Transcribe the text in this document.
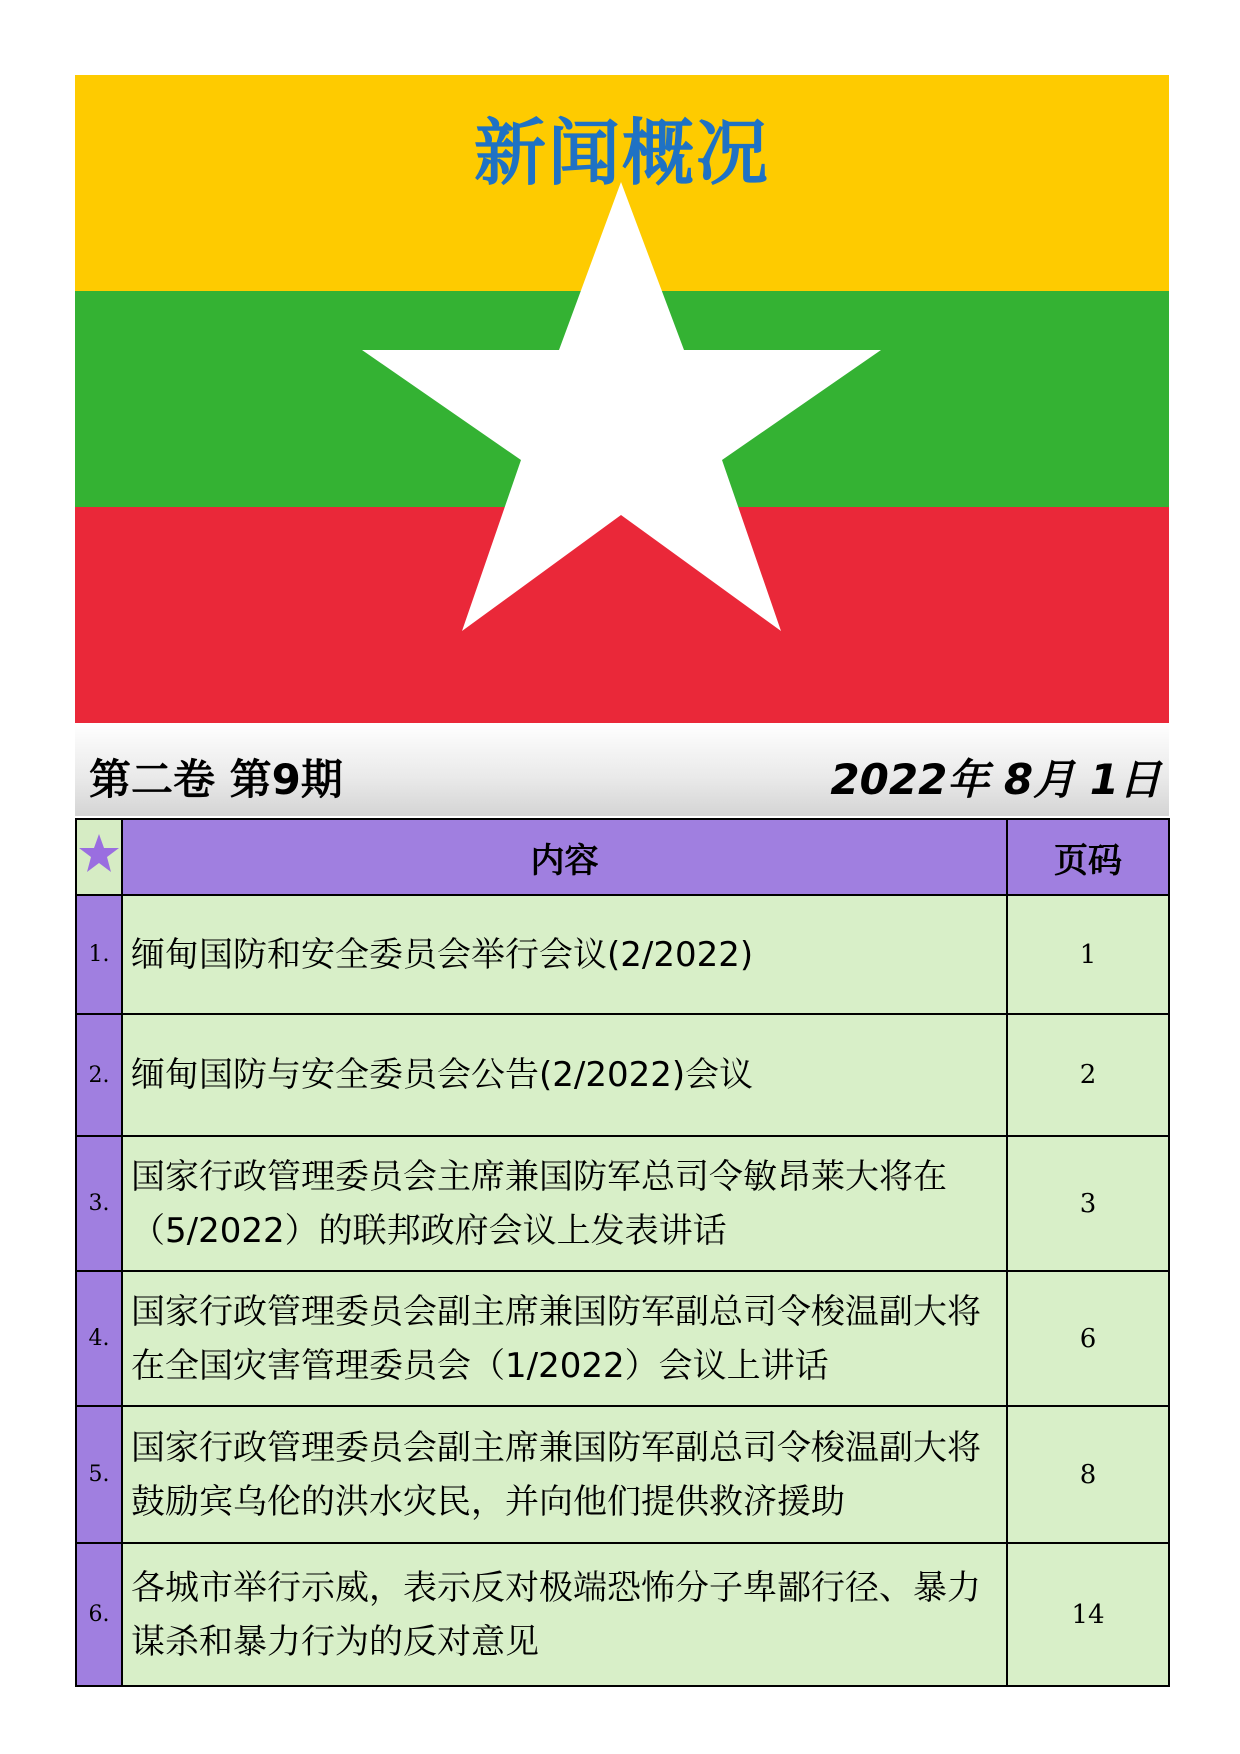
新闻概况
第二卷 第9期	2022年 8月 1日
	内容	页码
1.	缅甸国防和安全委员会举行会议(2/2022)	1
2.	缅甸国防与安全委员会公告(2/2022)会议	2
3.	国家行政管理委员会主席兼国防军总司令敏昂莱大将在（5/2022）的联邦政府会议上发表讲话	3
4.	国家行政管理委员会副主席兼国防军副总司令梭温副大将在全国灾害管理委员会（1/2022）会议上讲话	6
5.	国家行政管理委员会副主席兼国防军副总司令梭温副大将鼓励宾乌伦的洪水灾民，并向他们提供救济援助	8
6.	各城市举行示威，表示反对极端恐怖分子卑鄙行径、暴力谋杀和暴力行为的反对意见	14
